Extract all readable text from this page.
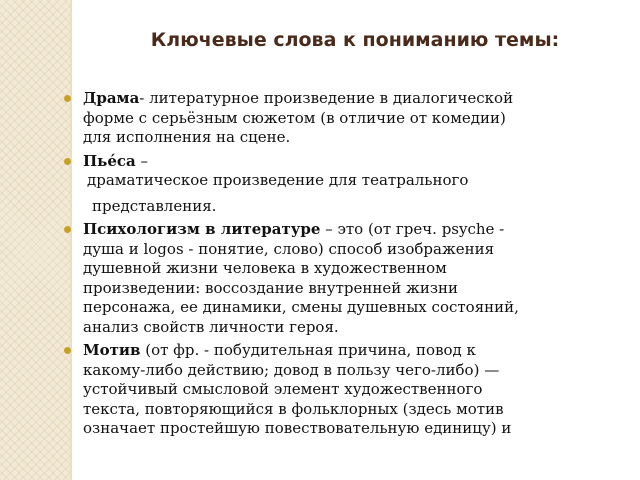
Ключевые слова к пониманию темы:
Драма- литературное произведение в диалогической
форме с серьёзным сюжетом (в отличие от комедии)
для исполнения на сцене.
Пьéса –
драматическое произведение для театрального
представления.
Психологизм в литературе – это (от греч. psyche -
душа и logos - понятие, слово) способ изображения
душевной жизни человека в художественном
произведении: воссоздание внутренней жизни
персонажа, ее динамики, смены душевных состояний,
анализ свойств личности героя.
Мотив (от фр. - побудительная причина, повод к
какому-либо действию; довод в пользу чего-либо) —
устойчивый смысловой элемент художественного
текста, повторяющийся в фольклорных (здесь мотив
означает простейшую повествовательную единицу) и
